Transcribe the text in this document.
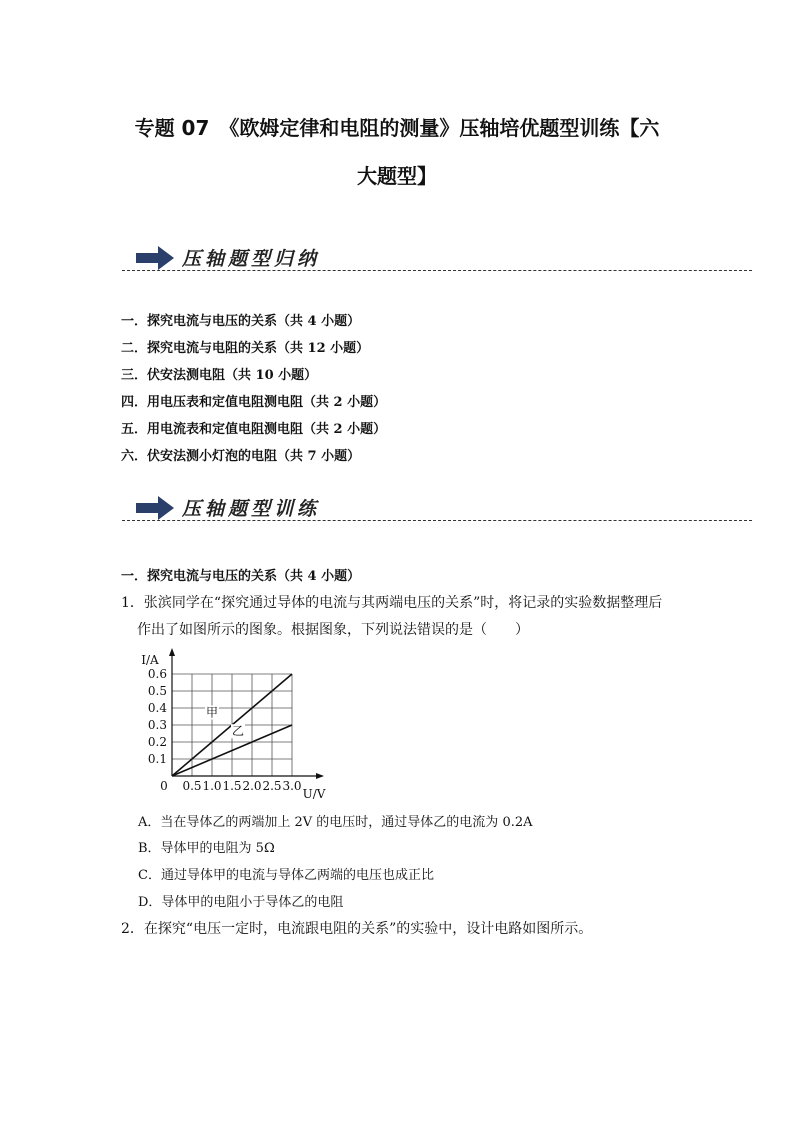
专题 07　《欧姆定律和电阻的测量》压轴培优题型训练【六
大题型】
压轴题型归纳
一．探究电流与电压的关系（共 4 小题）
二．探究电流与电阻的关系（共 12 小题）
三．伏安法测电阻（共 10 小题）
四．用电压表和定值电阻测电阻（共 2 小题）
五．用电流表和定值电阻测电阻（共 2 小题）
六．伏安法测小灯泡的电阻（共 7 小题）
压轴题型训练
一．探究电流与电压的关系（共 4 小题）
1．张滨同学在“探究通过导体的电流与其两端电压的关系”时，将记录的实验数据整理后
作出了如图所示的图象。根据图象，下列说法错误的是（　　）
0.5 1.0 1.5 2.0 2.5 3.0
0.1
0.2
0.3
0.4
0.5
0.6
0
U/V
I/A
甲
乙
A．当在导体乙的两端加上 2V 的电压时，通过导体乙的电流为 0.2A
B．导体甲的电阻为 5Ω
C．通过导体甲的电流与导体乙两端的电压也成正比
D．导体甲的电阻小于导体乙的电阻
2．在探究“电压一定时，电流跟电阻的关系”的实验中，设计电路如图所示。
